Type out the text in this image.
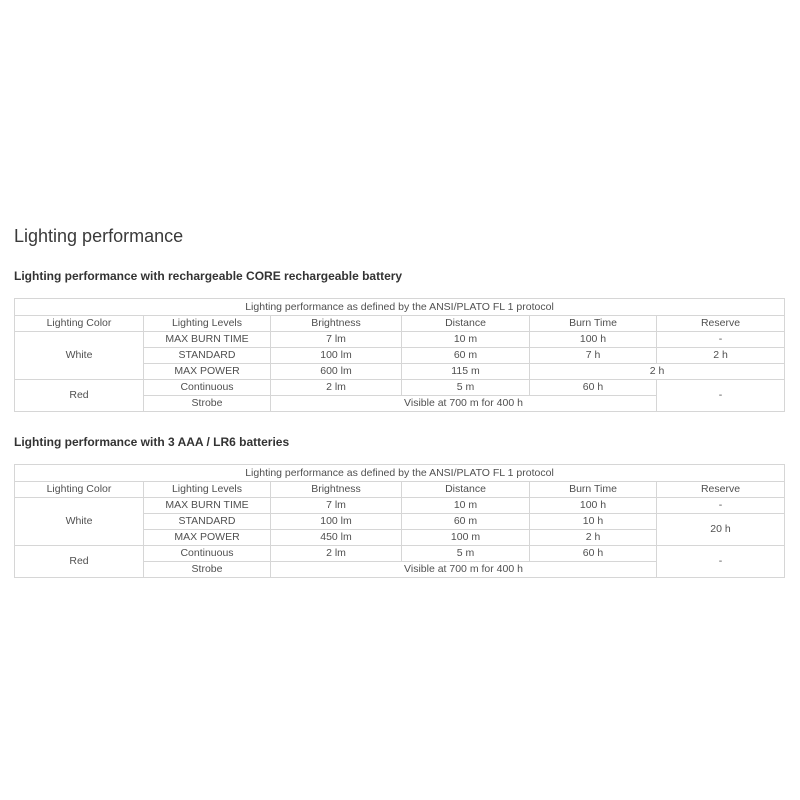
Lighting performance
Lighting performance with rechargeable CORE rechargeable battery
Lighting performance as defined by the ANSI/PLATO FL 1 protocol					
Lighting Color	Lighting Levels	Brightness	Distance	Burn Time	Reserve
White	MAX BURN TIME	7 lm	10 m	100 h	-
	STANDARD	100 lm	60 m	7 h	2 h
	MAX POWER	600 lm	115 m	2 h	
Red	Continuous	2 lm	5 m	60 h	-
	Strobe	Visible at 700 m for 400 h			
Lighting performance with 3 AAA / LR6 batteries
Lighting performance as defined by the ANSI/PLATO FL 1 protocol					
Lighting Color	Lighting Levels	Brightness	Distance	Burn Time	Reserve
White	MAX BURN TIME	7 lm	10 m	100 h	-
	STANDARD	100 lm	60 m	10 h	20 h
	MAX POWER	450 lm	100 m	2 h	
Red	Continuous	2 lm	5 m	60 h	-
	Strobe	Visible at 700 m for 400 h			
